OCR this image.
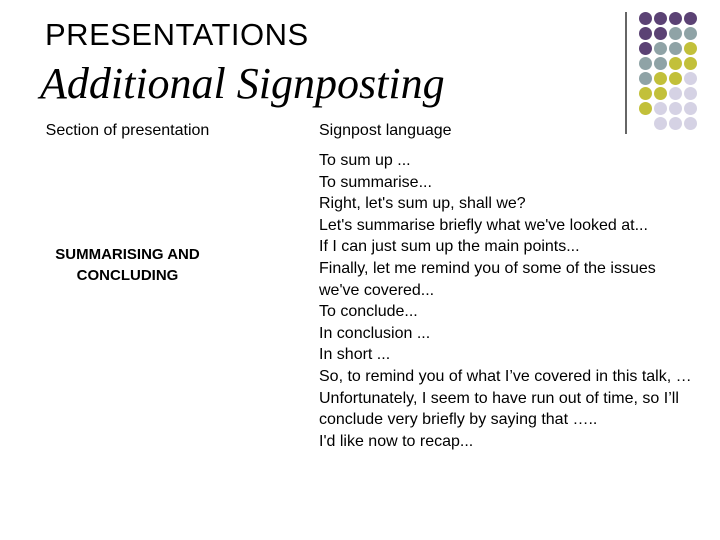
PRESENTATIONS
Additional Signposting
Section of presentation	Signpost language
SUMMARISING AND CONCLUDING
To sum up ...
To summarise...
Right, let's sum up, shall we?
Let's summarise briefly what we've looked at...
If I can just sum up the main points...
Finally, let me remind you of some of the issues we've covered...
To conclude...
In conclusion ...
In short ...
So, to remind you of what I’ve covered in this talk, …
Unfortunately, I seem to have run out of time, so I’ll conclude very briefly by saying that …..
I'd like now to recap...
